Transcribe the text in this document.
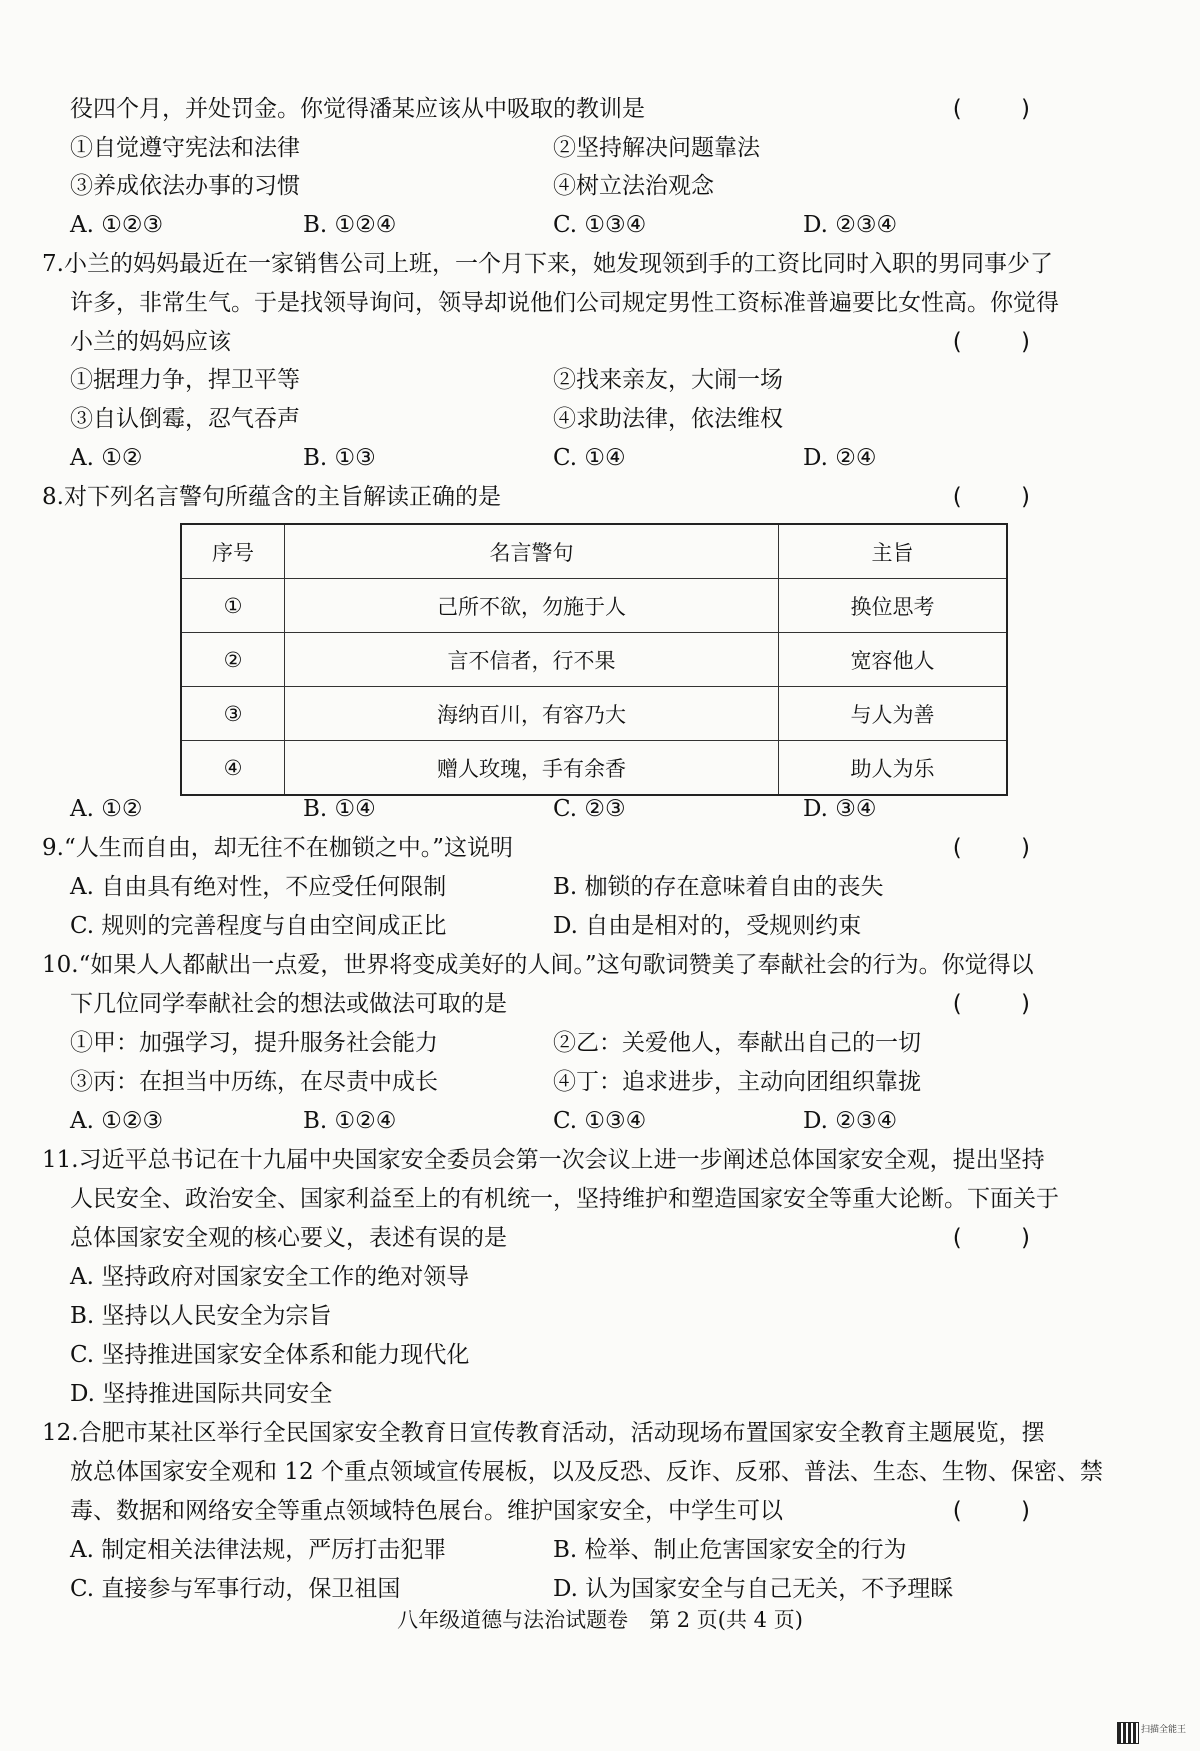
役四个月，并处罚金。你觉得潘某应该从中吸取的教训是	( )
①自觉遵守宪法和法律	②坚持解决问题靠法
③养成依法办事的习惯	④树立法治观念
A. ①②③	B. ①②④	C. ①③④	D. ②③④
7.小兰的妈妈最近在一家销售公司上班，一个月下来，她发现领到手的工资比同时入职的男同事少了
许多，非常生气。于是找领导询问，领导却说他们公司规定男性工资标准普遍要比女性高。你觉得
小兰的妈妈应该	( )
①据理力争，捍卫平等	②找来亲友，大闹一场
③自认倒霉，忍气吞声	④求助法律，依法维权
A. ①②	B. ①③	C. ①④	D. ②④
8.对下列名言警句所蕴含的主旨解读正确的是	( )
序号	名言警句	主旨
①	己所不欲，勿施于人	换位思考
②	言不信者，行不果	宽容他人
③	海纳百川，有容乃大	与人为善
④	赠人玫瑰，手有余香	助人为乐
A. ①②	B. ①④	C. ②③	D. ③④
9.“人生而自由，却无往不在枷锁之中。”这说明	( )
A. 自由具有绝对性，不应受任何限制	B. 枷锁的存在意味着自由的丧失
C. 规则的完善程度与自由空间成正比	D. 自由是相对的，受规则约束
10.“如果人人都献出一点爱，世界将变成美好的人间。”这句歌词赞美了奉献社会的行为。你觉得以
下几位同学奉献社会的想法或做法可取的是	( )
①甲：加强学习，提升服务社会能力	②乙：关爱他人，奉献出自己的一切
③丙：在担当中历练，在尽责中成长	④丁：追求进步，主动向团组织靠拢
A. ①②③	B. ①②④	C. ①③④	D. ②③④
11.习近平总书记在十九届中央国家安全委员会第一次会议上进一步阐述总体国家安全观，提出坚持
人民安全、政治安全、国家利益至上的有机统一，坚持维护和塑造国家安全等重大论断。下面关于
总体国家安全观的核心要义，表述有误的是	( )
A. 坚持政府对国家安全工作的绝对领导
B. 坚持以人民安全为宗旨
C. 坚持推进国家安全体系和能力现代化
D. 坚持推进国际共同安全
12.合肥市某社区举行全民国家安全教育日宣传教育活动，活动现场布置国家安全教育主题展览，摆
放总体国家安全观和 12 个重点领域宣传展板，以及反恐、反诈、反邪、普法、生态、生物、保密、禁
毒、数据和网络安全等重点领域特色展台。维护国家安全，中学生可以	( )
A. 制定相关法律法规，严厉打击犯罪	B. 检举、制止危害国家安全的行为
C. 直接参与军事行动，保卫祖国	D. 认为国家安全与自己无关，不予理睬
八年级道德与法治试题卷　第 2 页(共 4 页)
扫描全能王
